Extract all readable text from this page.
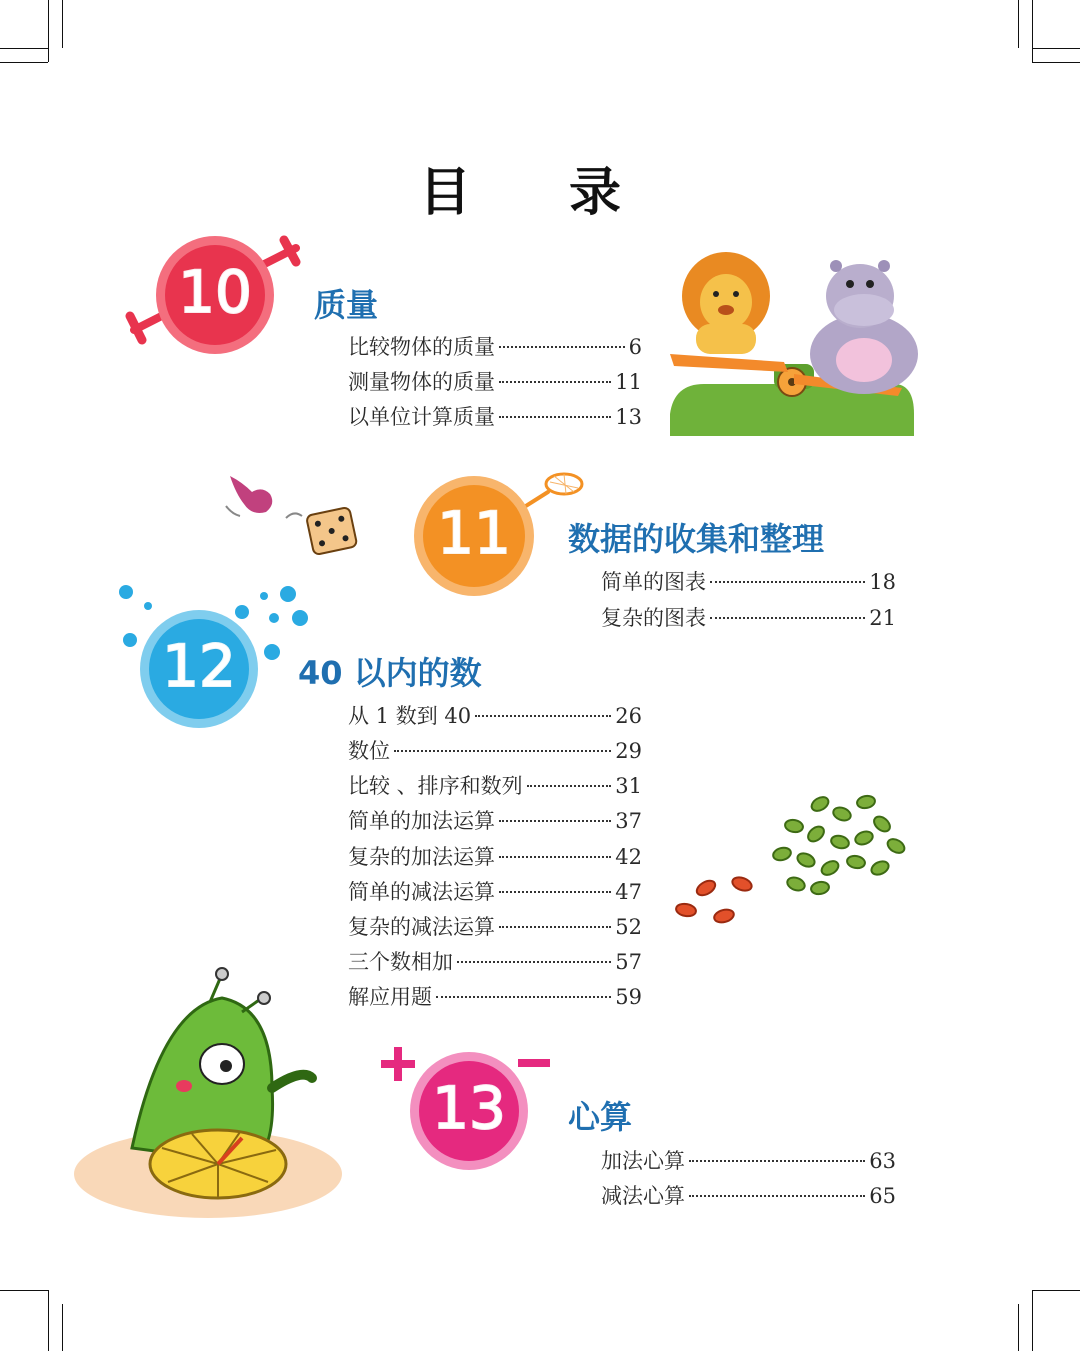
目 录
10	质量
比较物体的质量	6
测量物体的质量	11
以单位计算质量	13
11	数据的收集和整理
简单的图表	18
复杂的图表	21
12	40 以内的数
从 1 数到 40	26
数位	29
比较 、排序和数列	31
简单的加法运算	37
复杂的加法运算	42
简单的减法运算	47
复杂的减法运算	52
三个数相加	57
解应用题	59
13	心算
加法心算	63
减法心算	65
